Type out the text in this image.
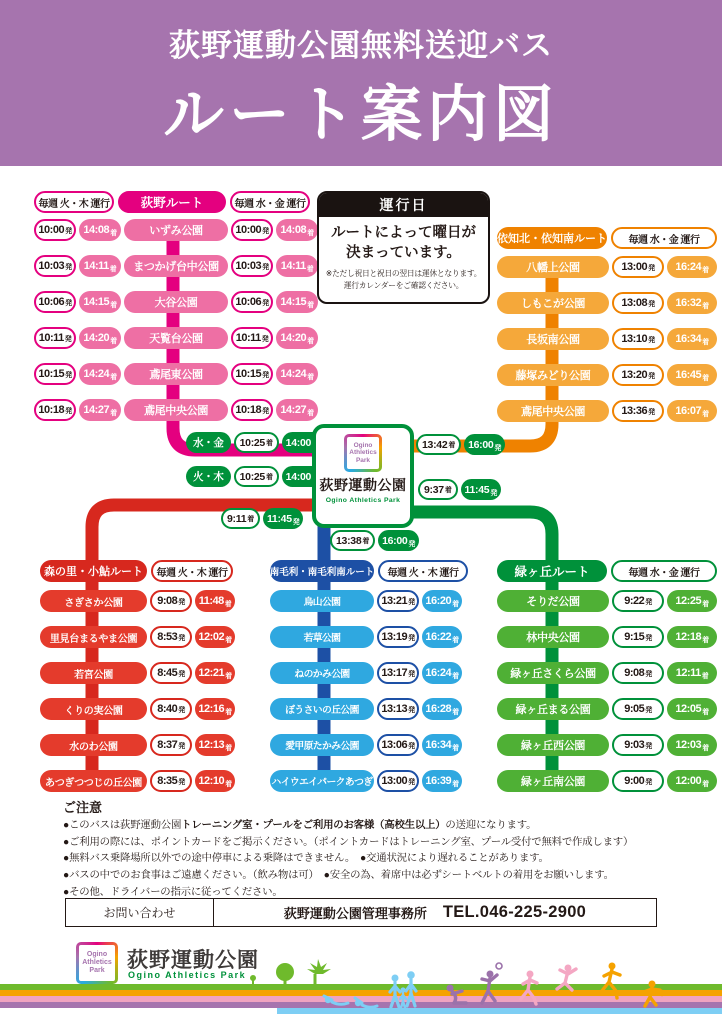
荻野運動公園無料送迎バス
ルート案内図
毎週 火・木 運行	荻野ルート	毎週 水・金 運行
10:00 発 14:08 着	いずみ公園	10:00 発 14:08 着
10:03 発 14:11 着	まつかげ台中公園	10:03 発 14:11 着
10:06 発 14:15 着	大谷公園	10:06 発 14:15 着
10:11 発 14:20 着	天覧台公園	10:11 発 14:20 着
10:15 発 14:24 着	鳶尾東公園	10:15 発 14:24 着
10:18 発 14:27 着	鳶尾中央公園	10:18 発 14:27 着
依知北・依知南ルート	毎週 水・金 運行
八幡上公園	13:00 発 16:24 着
しもこが公園	13:08 発 16:32 着
長坂南公園	13:10 発 16:34 着
藤塚みどり公園	13:20 発 16:45 着
鳶尾中央公園	13:36 発 16:07 着
運行日
ルートによって曜日が
決まっています。
※ただし祝日と祝日の翌日は運休となります。
運行カレンダーをご確認ください。
Ogino Athletics Park
荻野運動公園
Ogino Athletics Park
水・金	10:25 着 14:00
火・木	10:25 着 14:00
9:11 着 11:45 発
13:42 着 16:00 発
9:37 着 11:45 発
13:38 着 16:00 発
森の里・小鮎ルート	毎週 火・木 運行
さぎさか公園	9:08 発 11:48 着
里見台まるやま公園	8:53 発 12:02 着
若宮公園	8:45 発 12:21 着
くりの実公園	8:40 発 12:16 着
水のわ公園	8:37 発 12:13 着
あつぎつつじの丘公園	8:35 発 12:10 着
南毛利・南毛利南ルート	毎週 火・木 運行
烏山公園	13:21 発 16:20 着
若草公園	13:19 発 16:22 着
ねのかみ公園	13:17 発 16:24 着
ぼうさいの丘公園	13:13 発 16:28 着
愛甲原たかみ公園	13:06 発 16:34 着
ハイウエイパークあつぎ 13:00 発 16:39 着
緑ヶ丘ルート	毎週 水・金 運行
そりだ公園	9:22 発 12:25 着
林中央公園	9:15 発 12:18 着
緑ヶ丘さくら公園	9:08 発 12:11 着
緑ヶ丘まる公園	9:05 発 12:05 着
緑ヶ丘西公園	9:03 発 12:03 着
緑ヶ丘南公園	9:00 発 12:00 着
ご注意

●このバスは荻野運動公園トレーニング室・プールをご利用のお客様（高校生以上）の送迎になります。

●ご利用の際には、ポイントカードをご掲示ください。（ポイントカードはトレーニング室、プール受付で無料で作成します）

●無料バス乗降場所以外での途中停車による乗降はできません。　●交通状況により遅れることがあります。

●バスの中でのお食事はご遠慮ください。（飲み物は可）　●安全の為、着席中は必ずシートベルトの着用をお願いします。

●その他、ドライバーの指示に従ってください。

お問い合わせ	荻野運動公園管理事務所 TEL.046-225-2900
Ogino Athletics Park	荻野運動公園
Ogino Athletics Park
